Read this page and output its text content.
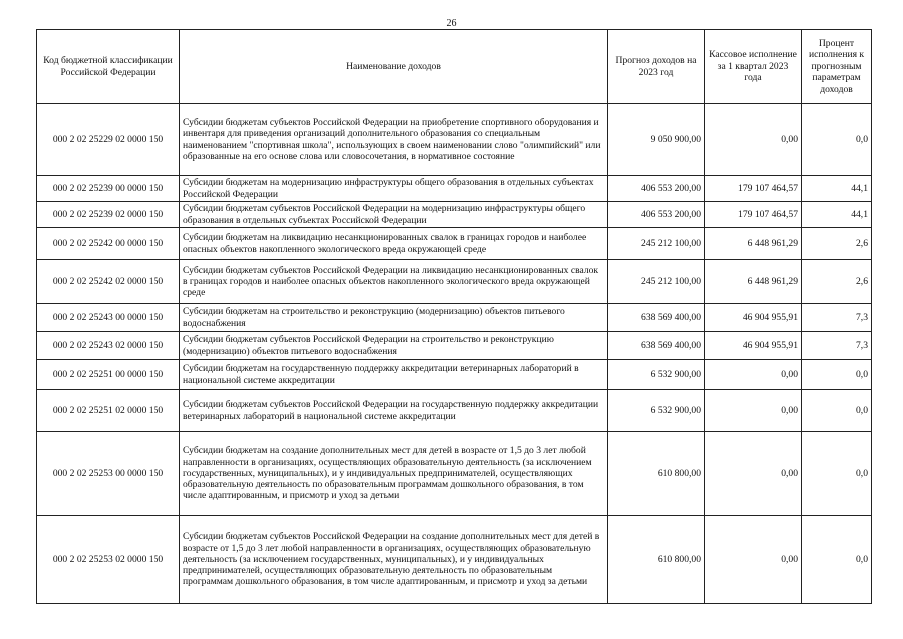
26
Код бюджетной классификации Российской Федерации	Наименование доходов	Прогноз доходов на 2023 год	Кассовое исполнение за 1 квартал 2023 года	Процент исполнения к прогнозным параметрам доходов
000 2 02 25229 02 0000 150	Субсидии бюджетам субъектов Российской Федерации на приобретение спортивного оборудования и инвентаря для приведения организаций дополнительного образования со специальным наименованием "спортивная школа", использующих в своем наименовании слово "олимпийский" или образованные на его основе слова или словосочетания, в нормативное состояние	9 050 900,00	0,00	0,0
000 2 02 25239 00 0000 150	Субсидии бюджетам на модернизацию инфраструктуры общего образования в отдельных субъектах Российской Федерации	406 553 200,00	179 107 464,57	44,1
000 2 02 25239 02 0000 150	Субсидии бюджетам субъектов Российской Федерации на модернизацию инфраструктуры общего образования в отдельных субъектах Российской Федерации	406 553 200,00	179 107 464,57	44,1
000 2 02 25242 00 0000 150	Субсидии бюджетам на ликвидацию несанкционированных свалок в границах городов и наиболее опасных объектов накопленного экологического вреда окружающей среде	245 212 100,00	6 448 961,29	2,6
000 2 02 25242 02 0000 150	Субсидии бюджетам субъектов Российской Федерации на ликвидацию несанкционированных свалок в границах городов и наиболее опасных объектов накопленного экологического вреда окружающей среде	245 212 100,00	6 448 961,29	2,6
000 2 02 25243 00 0000 150	Субсидии бюджетам на строительство и реконструкцию (модернизацию) объектов питьевого водоснабжения	638 569 400,00	46 904 955,91	7,3
000 2 02 25243 02 0000 150	Субсидии бюджетам субъектов Российской Федерации на строительство и реконструкцию (модернизацию) объектов питьевого водоснабжения	638 569 400,00	46 904 955,91	7,3
000 2 02 25251 00 0000 150	Субсидии бюджетам на государственную поддержку аккредитации ветеринарных лабораторий в национальной системе аккредитации	6 532 900,00	0,00	0,0
000 2 02 25251 02 0000 150	Субсидии бюджетам субъектов Российской Федерации на государственную поддержку аккредитации ветеринарных лабораторий в национальной системе аккредитации	6 532 900,00	0,00	0,0
000 2 02 25253 00 0000 150	Субсидии бюджетам на создание дополнительных мест для детей в возрасте от 1,5 до 3 лет любой направленности в организациях, осуществляющих образовательную деятельность (за исключением государственных, муниципальных), и у индивидуальных предпринимателей, осуществляющих образовательную деятельность по образовательным программам дошкольного образования, в том числе адаптированным, и присмотр и уход за детьми	610 800,00	0,00	0,0
000 2 02 25253 02 0000 150	Субсидии бюджетам субъектов Российской Федерации на создание дополнительных мест для детей в возрасте от 1,5 до 3 лет любой направленности в организациях, осуществляющих образовательную деятельность (за исключением государственных, муниципальных), и у индивидуальных предпринимателей, осуществляющих образовательную деятельность по образовательным программам дошкольного образования, в том числе адаптированным, и присмотр и уход за детьми	610 800,00	0,00	0,0
